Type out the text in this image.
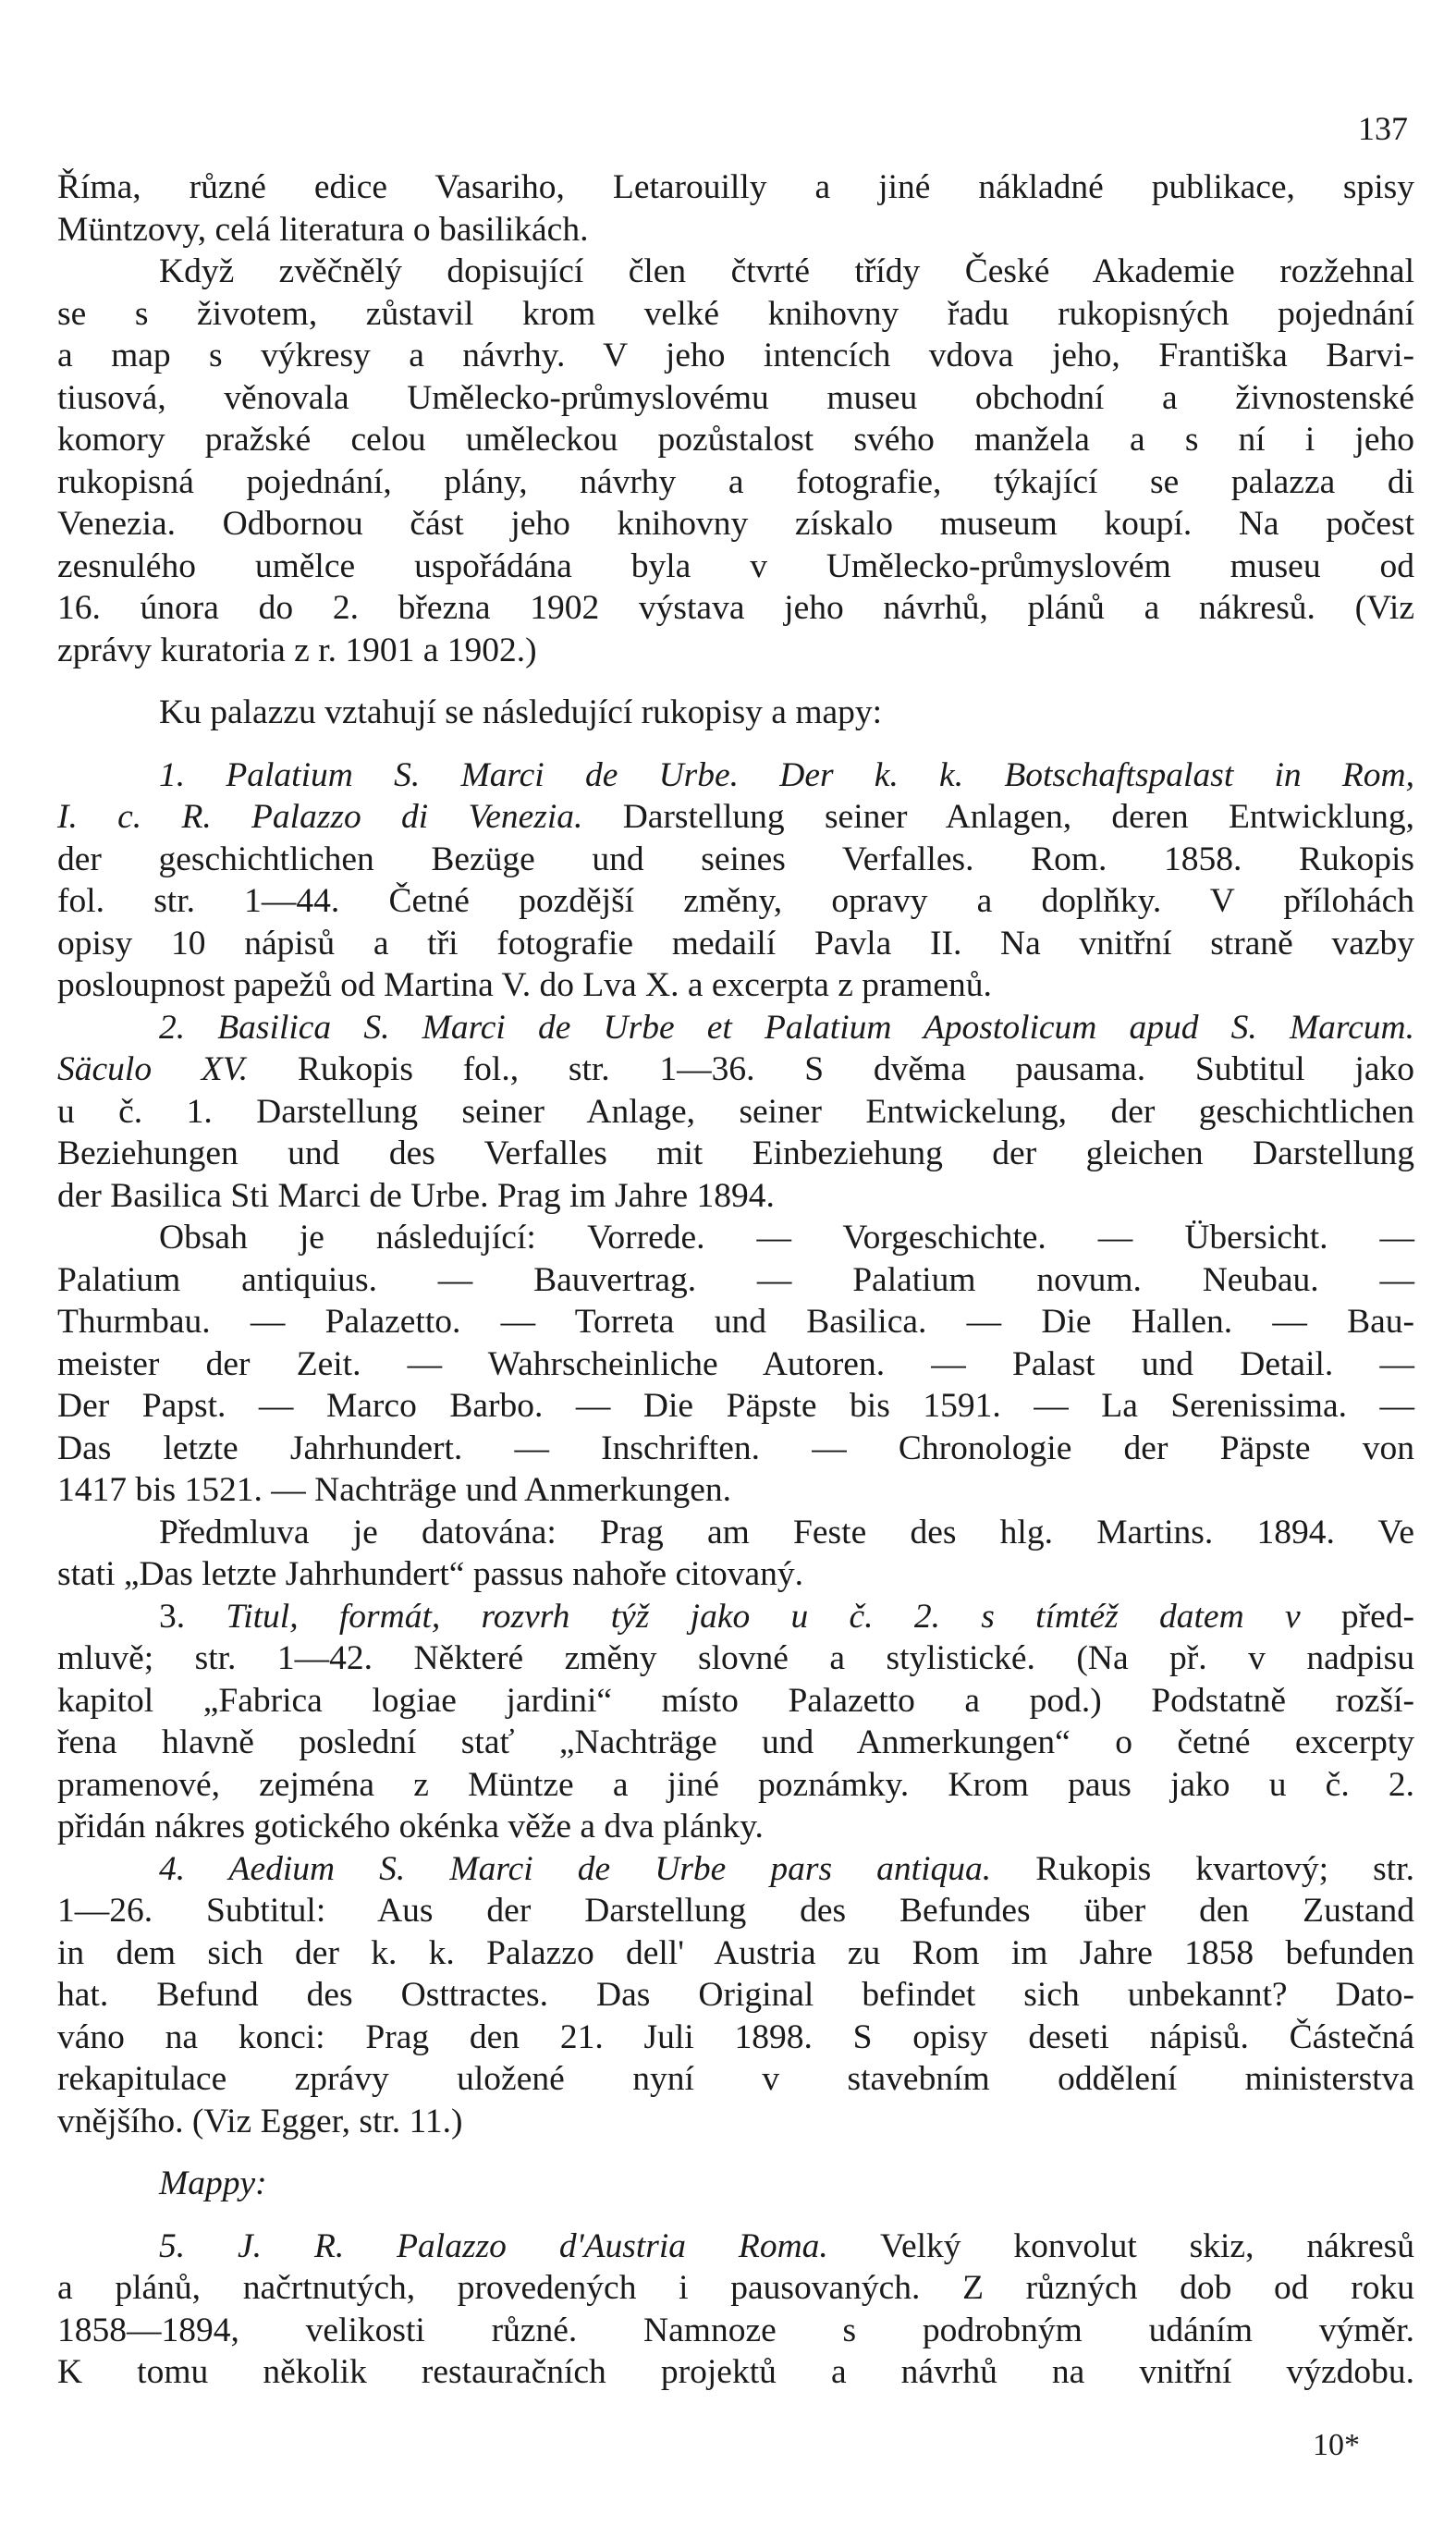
137

Říma, různé edice Vasariho, Letarouilly a jiné nákladné publikace, spisy
Müntzovy, celá literatura o basilikách.

Když zvěčnělý dopisující člen čtvrté třídy České Akademie rozžehnal
se s životem, zůstavil krom velké knihovny řadu rukopisných pojednání
a map s výkresy a návrhy. V jeho intencích vdova jeho, Františka Barvi-
tiusová, věnovala Umělecko-průmyslovému museu obchodní a živnostenské
komory pražské celou uměleckou pozůstalost svého manžela a s ní i jeho
rukopisná pojednání, plány, návrhy a fotografie, týkající se palazza di
Venezia. Odbornou část jeho knihovny získalo museum koupí. Na počest
zesnulého umělce uspořádána byla v Umělecko-průmyslovém museu od
16. února do 2. března 1902 výstava jeho návrhů, plánů a nákresů. (Viz
zprávy kuratoria z r. 1901 a 1902.)

Ku palazzu vztahují se následující rukopisy a mapy:

1. Palatium S. Marci de Urbe. Der k. k. Botschaftspalast in Rom,
I. c. R. Palazzo di Venezia. Darstellung seiner Anlagen, deren Entwicklung,
der geschichtlichen Bezüge und seines Verfalles. Rom. 1858. Rukopis
fol. str. 1—44. Četné pozdější změny, opravy a doplňky. V přílohách
opisy 10 nápisů a tři fotografie medailí Pavla II. Na vnitřní straně vazby
posloupnost papežů od Martina V. do Lva X. a excerpta z pramenů.

2. Basilica S. Marci de Urbe et Palatium Apostolicum apud S. Marcum.
Säculo XV. Rukopis fol., str. 1—36. S dvěma pausama. Subtitul jako
u č. 1. Darstellung seiner Anlage, seiner Entwickelung, der geschichtlichen
Beziehungen und des Verfalles mit Einbeziehung der gleichen Darstellung
der Basilica Sti Marci de Urbe. Prag im Jahre 1894.

Obsah je následující: Vorrede. — Vorgeschichte. — Übersicht. —
Palatium antiquius. — Bauvertrag. — Palatium novum. Neubau. —
Thurmbau. — Palazetto. — Torreta und Basilica. — Die Hallen. — Bau-
meister der Zeit. — Wahrscheinliche Autoren. — Palast und Detail. —
Der Papst. — Marco Barbo. — Die Päpste bis 1591. — La Serenissima. —
Das letzte Jahrhundert. — Inschriften. — Chronologie der Päpste von
1417 bis 1521. — Nachträge und Anmerkungen.

Předmluva je datována: Prag am Feste des hlg. Martins. 1894. Ve
stati „Das letzte Jahrhundert“ passus nahoře citovaný.

3. Titul, formát, rozvrh týž jako u č. 2. s tímtéž datem v před-
mluvě; str. 1—42. Některé změny slovné a stylistické. (Na př. v nadpisu
kapitol „Fabrica logiae jardini“ místo Palazetto a pod.) Podstatně rozší-
řena hlavně poslední stať „Nachträge und Anmerkungen“ o četné excerpty
pramenové, zejména z Müntze a jiné poznámky. Krom paus jako u č. 2.
přidán nákres gotického okénka věže a dva plánky.

4. Aedium S. Marci de Urbe pars antiqua. Rukopis kvartový; str.
1—26. Subtitul: Aus der Darstellung des Befundes über den Zustand
in dem sich der k. k. Palazzo dell' Austria zu Rom im Jahre 1858 befunden
hat. Befund des Osttractes. Das Original befindet sich unbekannt? Dato-
váno na konci: Prag den 21. Juli 1898. S opisy deseti nápisů. Částečná
rekapitulace zprávy uložené nyní v stavebním oddělení ministerstva
vnějšího. (Viz Egger, str. 11.)

Mappy:

5. J. R. Palazzo d'Austria Roma. Velký konvolut skiz, nákresů
a plánů, načrtnutých, provedených i pausovaných. Z různých dob od roku
1858—1894, velikosti různé. Namnoze s podrobným udáním výměr.
K tomu několik restauračních projektů a návrhů na vnitřní výzdobu.

10*
